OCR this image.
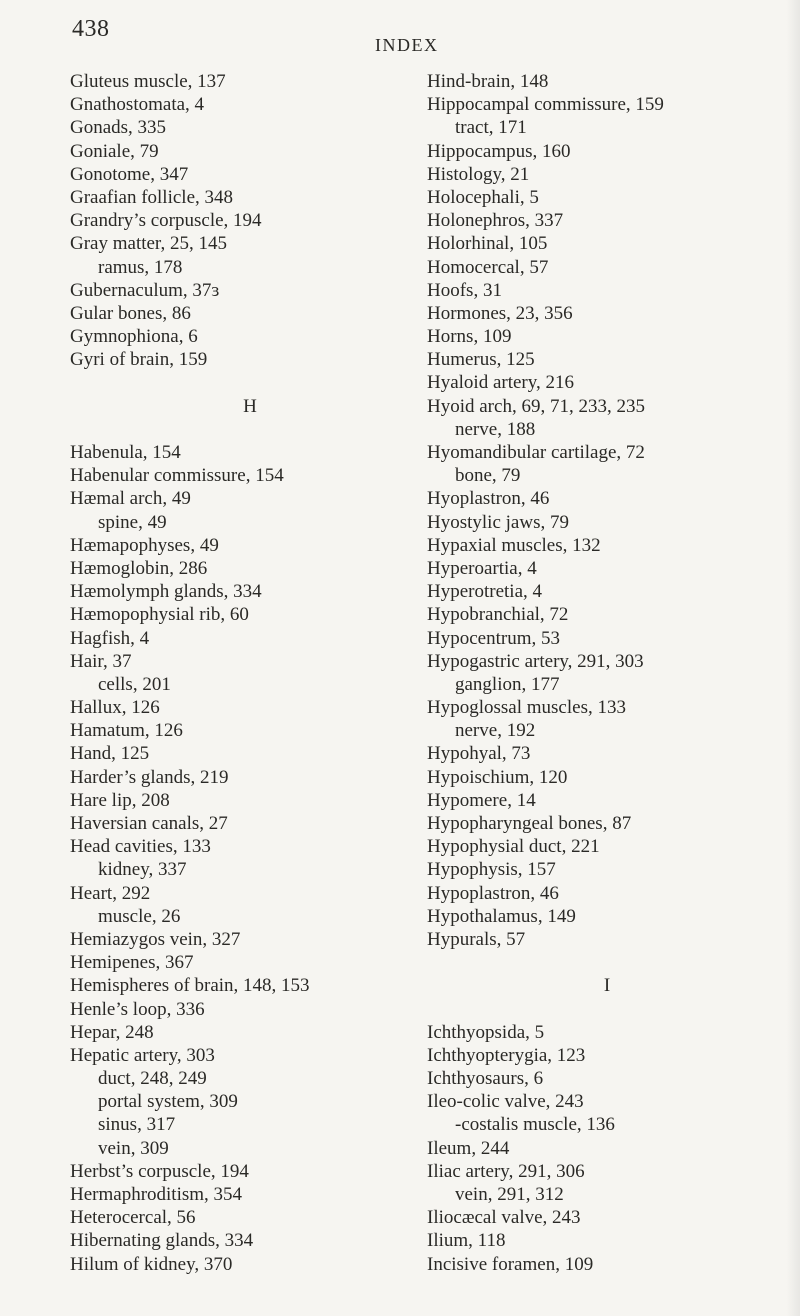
438
INDEX
Gluteus muscle, 137
Gnathostomata, 4
Gonads, 335
Goniale, 79
Gonotome, 347
Graafian follicle, 348
Grandry’s corpuscle, 194
Gray matter, 25, 145
ramus, 178
Gubernaculum, 37ɜ
Gular bones, 86
Gymnophiona, 6
Gyri of brain, 159
H
Habenula, 154
Habenular commissure, 154
Hæmal arch, 49
spine, 49
Hæmapophyses, 49
Hæmoglobin, 286
Hæmolymph glands, 334
Hæmopophysial rib, 60
Hagfish, 4
Hair, 37
cells, 201
Hallux, 126
Hamatum, 126
Hand, 125
Harder’s glands, 219
Hare lip, 208
Haversian canals, 27
Head cavities, 133
kidney, 337
Heart, 292
muscle, 26
Hemiazygos vein, 327
Hemipenes, 367
Hemispheres of brain, 148, 153
Henle’s loop, 336
Hepar, 248
Hepatic artery, 303
duct, 248, 249
portal system, 309
sinus, 317
vein, 309
Herbst’s corpuscle, 194
Hermaphroditism, 354
Heterocercal, 56
Hibernating glands, 334
Hilum of kidney, 370
Hind-brain, 148
Hippocampal commissure, 159
tract, 171
Hippocampus, 160
Histology, 21
Holocephali, 5
Holonephros, 337
Holorhinal, 105
Homocercal, 57
Hoofs, 31
Hormones, 23, 356
Horns, 109
Humerus, 125
Hyaloid artery, 216
Hyoid arch, 69, 71, 233, 235
nerve, 188
Hyomandibular cartilage, 72
bone, 79
Hyoplastron, 46
Hyostylic jaws, 79
Hypaxial muscles, 132
Hyperoartia, 4
Hyperotretia, 4
Hypobranchial, 72
Hypocentrum, 53
Hypogastric artery, 291, 303
ganglion, 177
Hypoglossal muscles, 133
nerve, 192
Hypohyal, 73
Hypoischium, 120
Hypomere, 14
Hypopharyngeal bones, 87
Hypophysial duct, 221
Hypophysis, 157
Hypoplastron, 46
Hypothalamus, 149
Hypurals, 57
I
Ichthyopsida, 5
Ichthyopterygia, 123
Ichthyosaurs, 6
Ileo-colic valve, 243
-costalis muscle, 136
Ileum, 244
Iliac artery, 291, 306
vein, 291, 312
Iliocæcal valve, 243
Ilium, 118
Incisive foramen, 109
